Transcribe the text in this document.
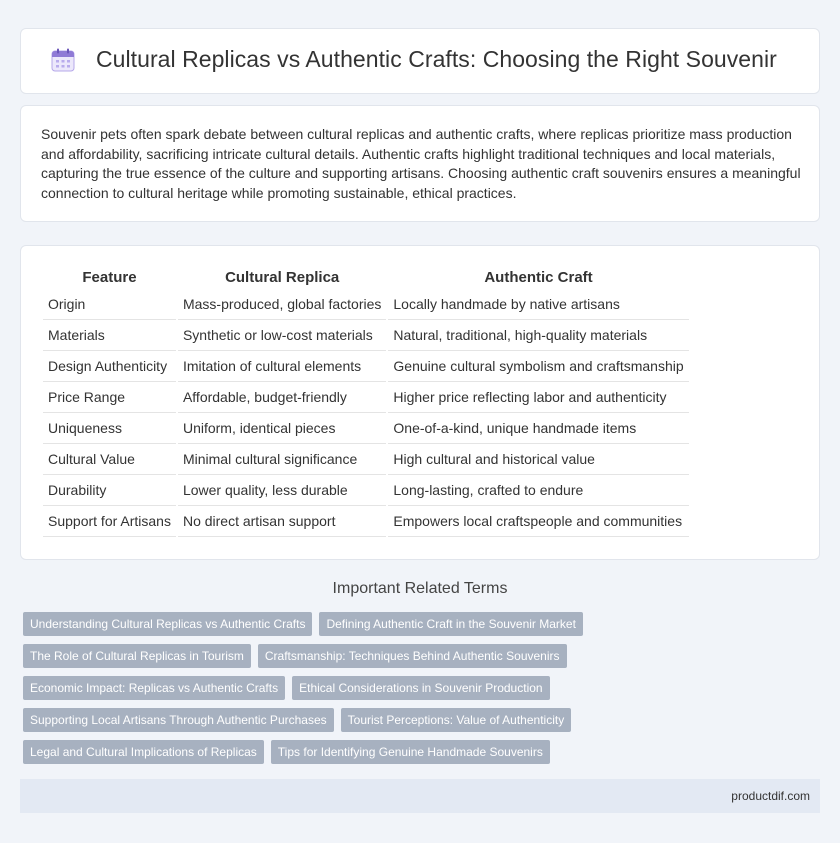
Cultural Replicas vs Authentic Crafts: Choosing the Right Souvenir

Souvenir pets often spark debate between cultural replicas and authentic crafts, where replicas prioritize mass production and affordability, sacrificing intricate cultural details. Authentic crafts highlight traditional techniques and local materials, capturing the true essence of the culture and supporting artisans. Choosing authentic craft souvenirs ensures a meaningful connection to cultural heritage while promoting sustainable, ethical practices.

Feature		Cultural Replica		Authentic Craft
Origin		Mass-produced, global factories		Locally handmade by native artisans
Materials		Synthetic or low-cost materials		Natural, traditional, high-quality materials
Design Authenticity		Imitation of cultural elements		Genuine cultural symbolism and craftsmanship
Price Range		Affordable, budget-friendly		Higher price reflecting labor and authenticity
Uniqueness		Uniform, identical pieces		One-of-a-kind, unique handmade items
Cultural Value		Minimal cultural significance		High cultural and historical value
Durability		Lower quality, less durable		Long-lasting, crafted to endure
Support for Artisans		No direct artisan support		Empowers local craftspeople and communities
Important Related Terms
Understanding Cultural Replicas vs Authentic Crafts	Defining Authentic Craft in the Souvenir Market
The Role of Cultural Replicas in Tourism	Craftsmanship: Techniques Behind Authentic Souvenirs
Economic Impact: Replicas vs Authentic Crafts	Ethical Considerations in Souvenir Production
Supporting Local Artisans Through Authentic Purchases	Tourist Perceptions: Value of Authenticity
Legal and Cultural Implications of Replicas	Tips for Identifying Genuine Handmade Souvenirs
productdif.com
